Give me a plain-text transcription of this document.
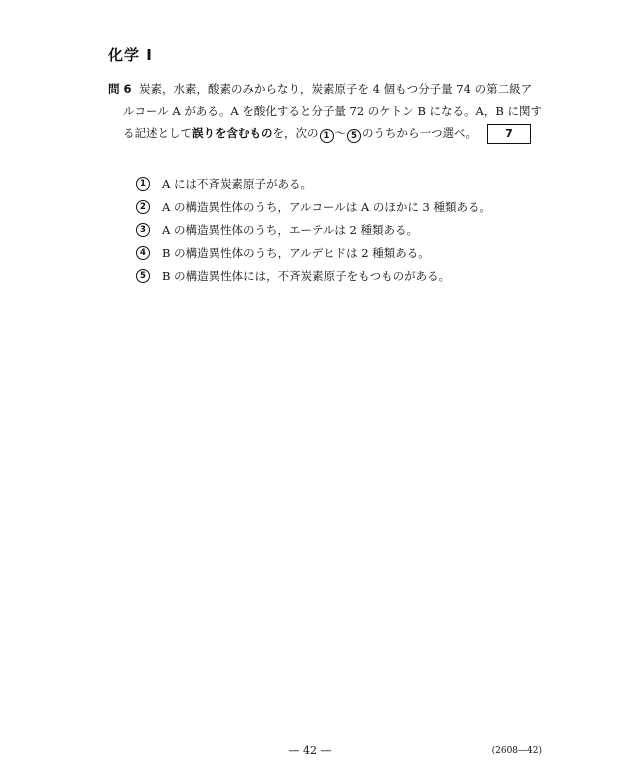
化学 I
問 6 炭素，水素，酸素のみからなり，炭素原子を 4 個もつ分子量 74 の第二級ア
ルコール A がある。A を酸化すると分子量 72 のケトン B になる。A，B に関す
る記述として誤りを含むものを，次の 1 〜 5 のうちから一つ選べ。	7
1	A には不斉炭素原子がある。
2	A の構造異性体のうち，アルコールは A のほかに 3 種類ある。
3	A の構造異性体のうち，エーテルは 2 種類ある。
4	B の構造異性体のうち，アルデヒドは 2 種類ある。
5	B の構造異性体には，不斉炭素原子をもつものがある。
— 42 —	(2608—42)
